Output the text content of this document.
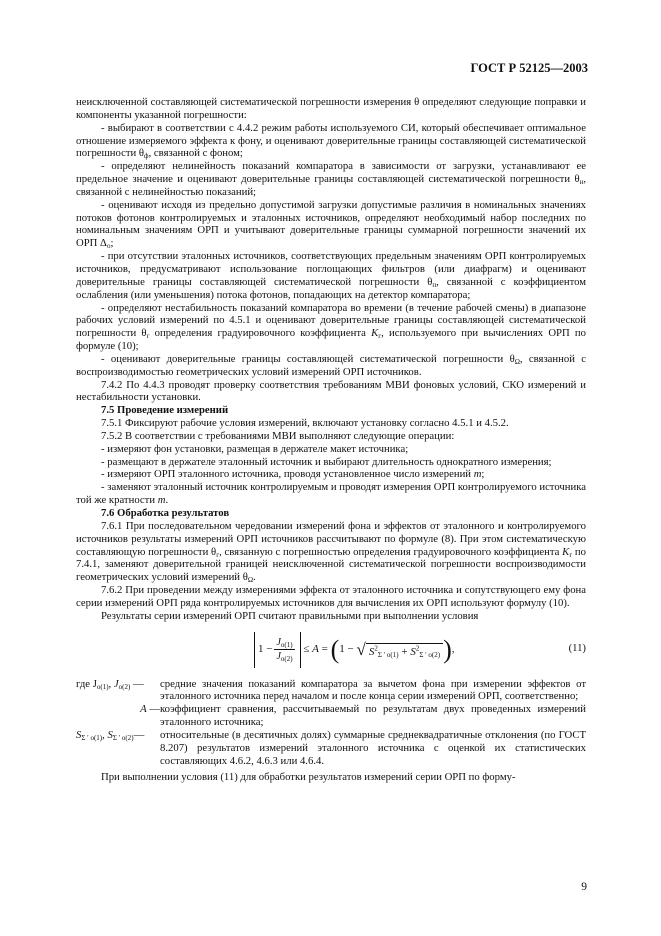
ГОСТ Р 52125—2003

неисключенной составляющей систематической погрешности измерения θ определяют следующие поправки и компоненты указанной погрешности:

- выбирают в соответствии с 4.4.2 режим работы используемого СИ, который обеспечивает оптимальное отношение измеряемого эффекта к фону, и оценивают доверительные границы составляющей систематической погрешности $\theta_ф$, связанной с фоном;

- определяют нелинейность показаний компаратора в зависимости от загрузки, устанавливают ее предельное значение и оценивают доверительные границы составляющей систематической погрешности $\theta_н$, связанной с нелинейностью показаний;

- оценивают исходя из предельно допустимой загрузки допустимые различия в номинальных значениях потоков фотонов контролируемых и эталонных источников, определяют необходимый набор последних по номинальным значениям ОРП и учитывают доверительные границы суммарной погрешности значений их ОРП $\Delta_о$;

- при отсутствии эталонных источников, соответствующих предельным значениям ОРП контролируемых источников, предусматривают использование поглощающих фильтров (или диафрагм) и оценивают доверительные границы составляющей систематической погрешности $\theta_п$, связанной с коэффициентом ослабления (или уменьшения) потока фотонов, попадающих на детектор компаратора;

- определяют нестабильность показаний компаратора во времени (в течение рабочей смены) в диапазоне рабочих условий измерений по 4.5.1 и оценивают доверительные границы составляющей систематической погрешности $\theta_г$ определения градуировочного коэффициента $K_г$, используемого при вычислениях ОРП по формуле (10);

- оценивают доверительные границы составляющей систематической погрешности $\theta_\Omega$, связанной с воспроизводимостью геометрических условий измерений ОРП источников.

7.4.2 По 4.4.3 проводят проверку соответствия требованиям МВИ фоновых условий, СКО измерений и нестабильности установки.

7.5 Проведение измерений

7.5.1 Фиксируют рабочие условия измерений, включают установку согласно 4.5.1 и 4.5.2.

7.5.2 В соответствии с требованиями МВИ выполняют следующие операции:

- измеряют фон установки, размещая в держателе макет источника;

- размещают в держателе эталонный источник и выбирают длительность однократного измерения;

- измеряют ОРП эталонного источника, проводя установленное число измерений m;

- заменяют эталонный источник контролируемым и проводят измерения ОРП контролируемого источника той же кратности m.

7.6 Обработка результатов

7.6.1 При последовательном чередовании измерений фона и эффектов от эталонного и контролируемого источников результаты измерений ОРП источников рассчитывают по формуле (8). При этом систематическую составляющую погрешности $\theta_г$, связанную с погрешностью определения градуировочного коэффициента $K_г$ по 7.4.1, заменяют доверительной границей неисключенной систематической погрешности воспроизводимости геометрических условий измерений $\theta_\Omega$.

7.6.2 При проведении между измерениями эффекта от эталонного источника и сопутствующего ему фона серии измерений ОРП ряда контролируемых источников для вычисления их ОРП используют формулу (10).

Результаты серии измерений ОРП считают правильными при выполнении условия

1
− $\frac{J_{o(1)}}{J_{o(2)}}$
≤
A
=
( 1
−
√ $S^2_{\Sigma ' o(1)} + S^2_{\Sigma ' o(2)}$ ) ,	(11)
где $J_{o(1)}$, $J_{o(2)}$ —	средние значения показаний компаратора за вычетом фона при измерении эффектов от эталонного источника перед началом и после конца серии измерений ОРП, соответственно;
A — коэффициент сравнения, рассчитываемый по результатам двух проведенных измерений эталонного источника;
$S_{\Sigma ' o(1)}$, $S_{\Sigma ' o(2)}—$	относительные (в десятичных долях) суммарные среднеквадратичные отклонения (по ГОСТ 8.207) результатов измерений эталонного источника с оценкой их статистических составляющих 4.6.2, 4.6.3 или 4.6.4.

При выполнении условия (11) для обработки результатов измерений серии ОРП по форму-

9
